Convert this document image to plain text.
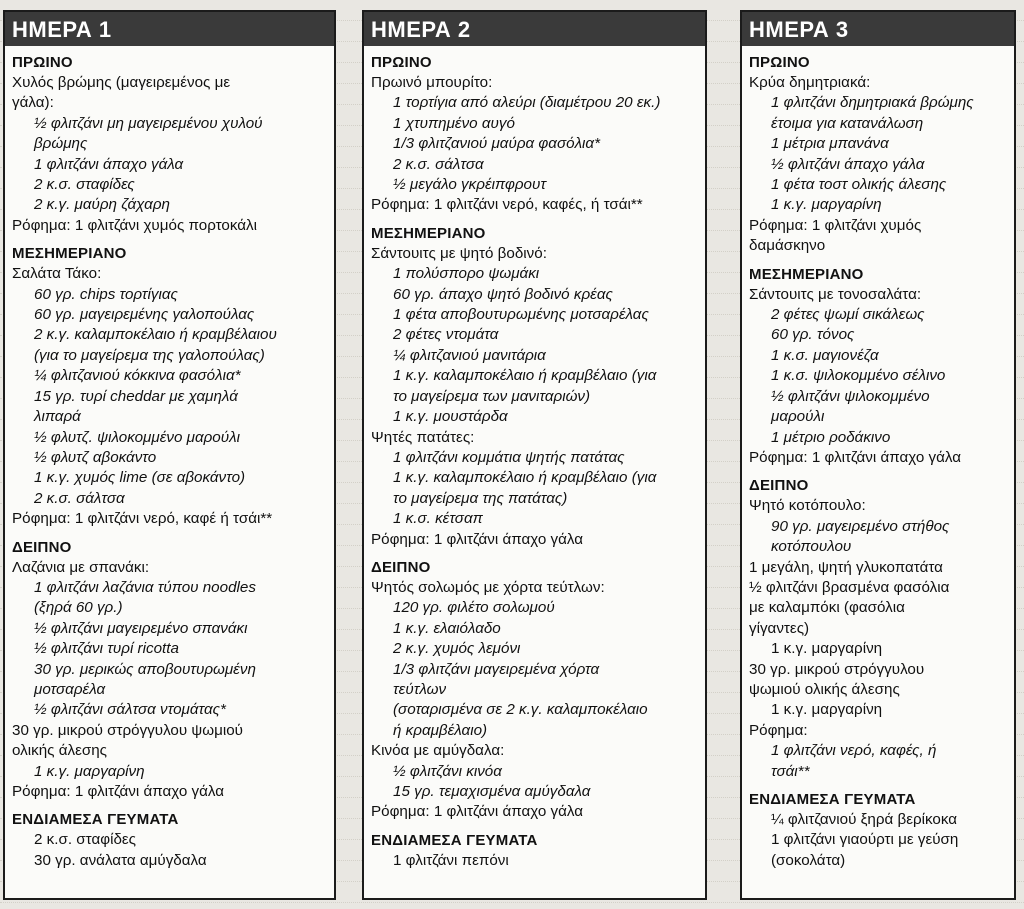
ΗΜΕΡΑ 1
ΠΡΩΙΝΟ
Χυλός βρώμης (μαγειρεμένος με
γάλα):
½ φλιτζάνι μη μαγειρεμένου χυλού
βρώμης
1 φλιτζάνι άπαχο γάλα
2 κ.σ. σταφίδες
2 κ.γ. μαύρη ζάχαρη
Ρόφημα: 1 φλιτζάνι χυμός πορτοκάλι
ΜΕΣΗΜΕΡΙΑΝΟ
Σαλάτα Τάκο:
60 γρ. chips τορτίγιας
60 γρ. μαγειρεμένης γαλοπούλας
2 κ.γ. καλαμποκέλαιο ή κραμβέλαιου
(για το μαγείρεμα της γαλοπούλας)
¼ φλιτζανιού κόκκινα φασόλια*
15 γρ. τυρί cheddar με χαμηλά
λιπαρά
½ φλυτζ. ψιλοκομμένο μαρούλι
½ φλυτζ αβοκάντο
1 κ.γ. χυμός lime (σε αβοκάντο)
2 κ.σ. σάλτσα
Ρόφημα: 1 φλιτζάνι νερό, καφέ ή τσάι**
ΔΕΙΠΝΟ
Λαζάνια με σπανάκι:
1 φλιτζάνι λαζάνια τύπου noodles
(ξηρά 60 γρ.)
½ φλιτζάνι μαγειρεμένο σπανάκι
½ φλιτζάνι τυρί ricotta
30 γρ. μερικώς αποβουτυρωμένη
μοτσαρέλα
½ φλιτζάνι σάλτσα ντομάτας*
30 γρ. μικρού στρόγγυλου ψωμιού
ολικής άλεσης
1 κ.γ. μαργαρίνη
Ρόφημα: 1 φλιτζάνι άπαχο γάλα
ΕΝΔΙΑΜΕΣΑ ΓΕΥΜΑΤΑ
2 κ.σ. σταφίδες
30 γρ. ανάλατα αμύγδαλα
ΗΜΕΡΑ 2
ΠΡΩΙΝΟ
Πρωινό μπουρίτο:
1 τορτίγια από αλεύρι (διαμέτρου 20 εκ.)
1 χτυπημένο αυγό
1/3 φλιτζανιού μαύρα φασόλια*
2 κ.σ. σάλτσα
½ μεγάλο γκρέιπφρουτ
Ρόφημα: 1 φλιτζάνι νερό, καφές, ή τσάι**
ΜΕΣΗΜΕΡΙΑΝΟ
Σάντουιτς με ψητό βοδινό:
1 πολύσπορο ψωμάκι
60 γρ. άπαχο ψητό βοδινό κρέας
1 φέτα αποβουτυρωμένης μοτσαρέλας
2 φέτες ντομάτα
¼ φλιτζανιού μανιτάρια
1 κ.γ. καλαμποκέλαιο ή κραμβέλαιο (για
το μαγείρεμα των μανιταριών)
1 κ.γ. μουστάρδα
Ψητές πατάτες:
1 φλιτζάνι κομμάτια ψητής πατάτας
1 κ.γ. καλαμποκέλαιο ή κραμβέλαιο (για
το μαγείρεμα της πατάτας)
1 κ.σ. κέτσαπ
Ρόφημα: 1 φλιτζάνι άπαχο γάλα
ΔΕΙΠΝΟ
Ψητός σολωμός με χόρτα τεύτλων:
120 γρ. φιλέτο σολωμού
1 κ.γ. ελαιόλαδο
2 κ.γ. χυμός λεμόνι
1/3 φλιτζάνι μαγειρεμένα χόρτα
τεύτλων
(σοταρισμένα σε 2 κ.γ. καλαμποκέλαιο
ή κραμβέλαιο)
Κινόα με αμύγδαλα:
½ φλιτζάνι κινόα
15 γρ. τεμαχισμένα αμύγδαλα
Ρόφημα: 1 φλιτζάνι άπαχο γάλα
ΕΝΔΙΑΜΕΣΑ ΓΕΥΜΑΤΑ
1 φλιτζάνι πεπόνι
ΗΜΕΡΑ 3
ΠΡΩΙΝΟ
Κρύα δημητριακά:
1 φλιτζάνι δημητριακά βρώμης
έτοιμα για κατανάλωση
1 μέτρια μπανάνα
½ φλιτζάνι άπαχο γάλα
1 φέτα τοστ ολικής άλεσης
1 κ.γ. μαργαρίνη
Ρόφημα: 1 φλιτζάνι χυμός
δαμάσκηνο
ΜΕΣΗΜΕΡΙΑΝΟ
Σάντουιτς με τονοσαλάτα:
2 φέτες ψωμί σικάλεως
60 γρ. τόνος
1 κ.σ. μαγιονέζα
1 κ.σ. ψιλοκομμένο σέλινο
½ φλιτζάνι ψιλοκομμένο
μαρούλι
1 μέτριο ροδάκινο
Ρόφημα: 1 φλιτζάνι άπαχο γάλα
ΔΕΙΠΝΟ
Ψητό κοτόπουλο:
90 γρ. μαγειρεμένο στήθος
κοτόπουλου
1 μεγάλη, ψητή γλυκοπατάτα
½ φλιτζάνι βρασμένα φασόλια
με καλαμπόκι (φασόλια
γίγαντες)
1 κ.γ. μαργαρίνη
30 γρ. μικρού στρόγγυλου
ψωμιού ολικής άλεσης
1 κ.γ. μαργαρίνη
Ρόφημα:
1 φλιτζάνι νερό, καφές, ή
τσάι**
ΕΝΔΙΑΜΕΣΑ ΓΕΥΜΑΤΑ
¼ φλιτζανιού ξηρά βερίκοκα
1 φλιτζάνι γιαούρτι με γεύση
(σοκολάτα)
